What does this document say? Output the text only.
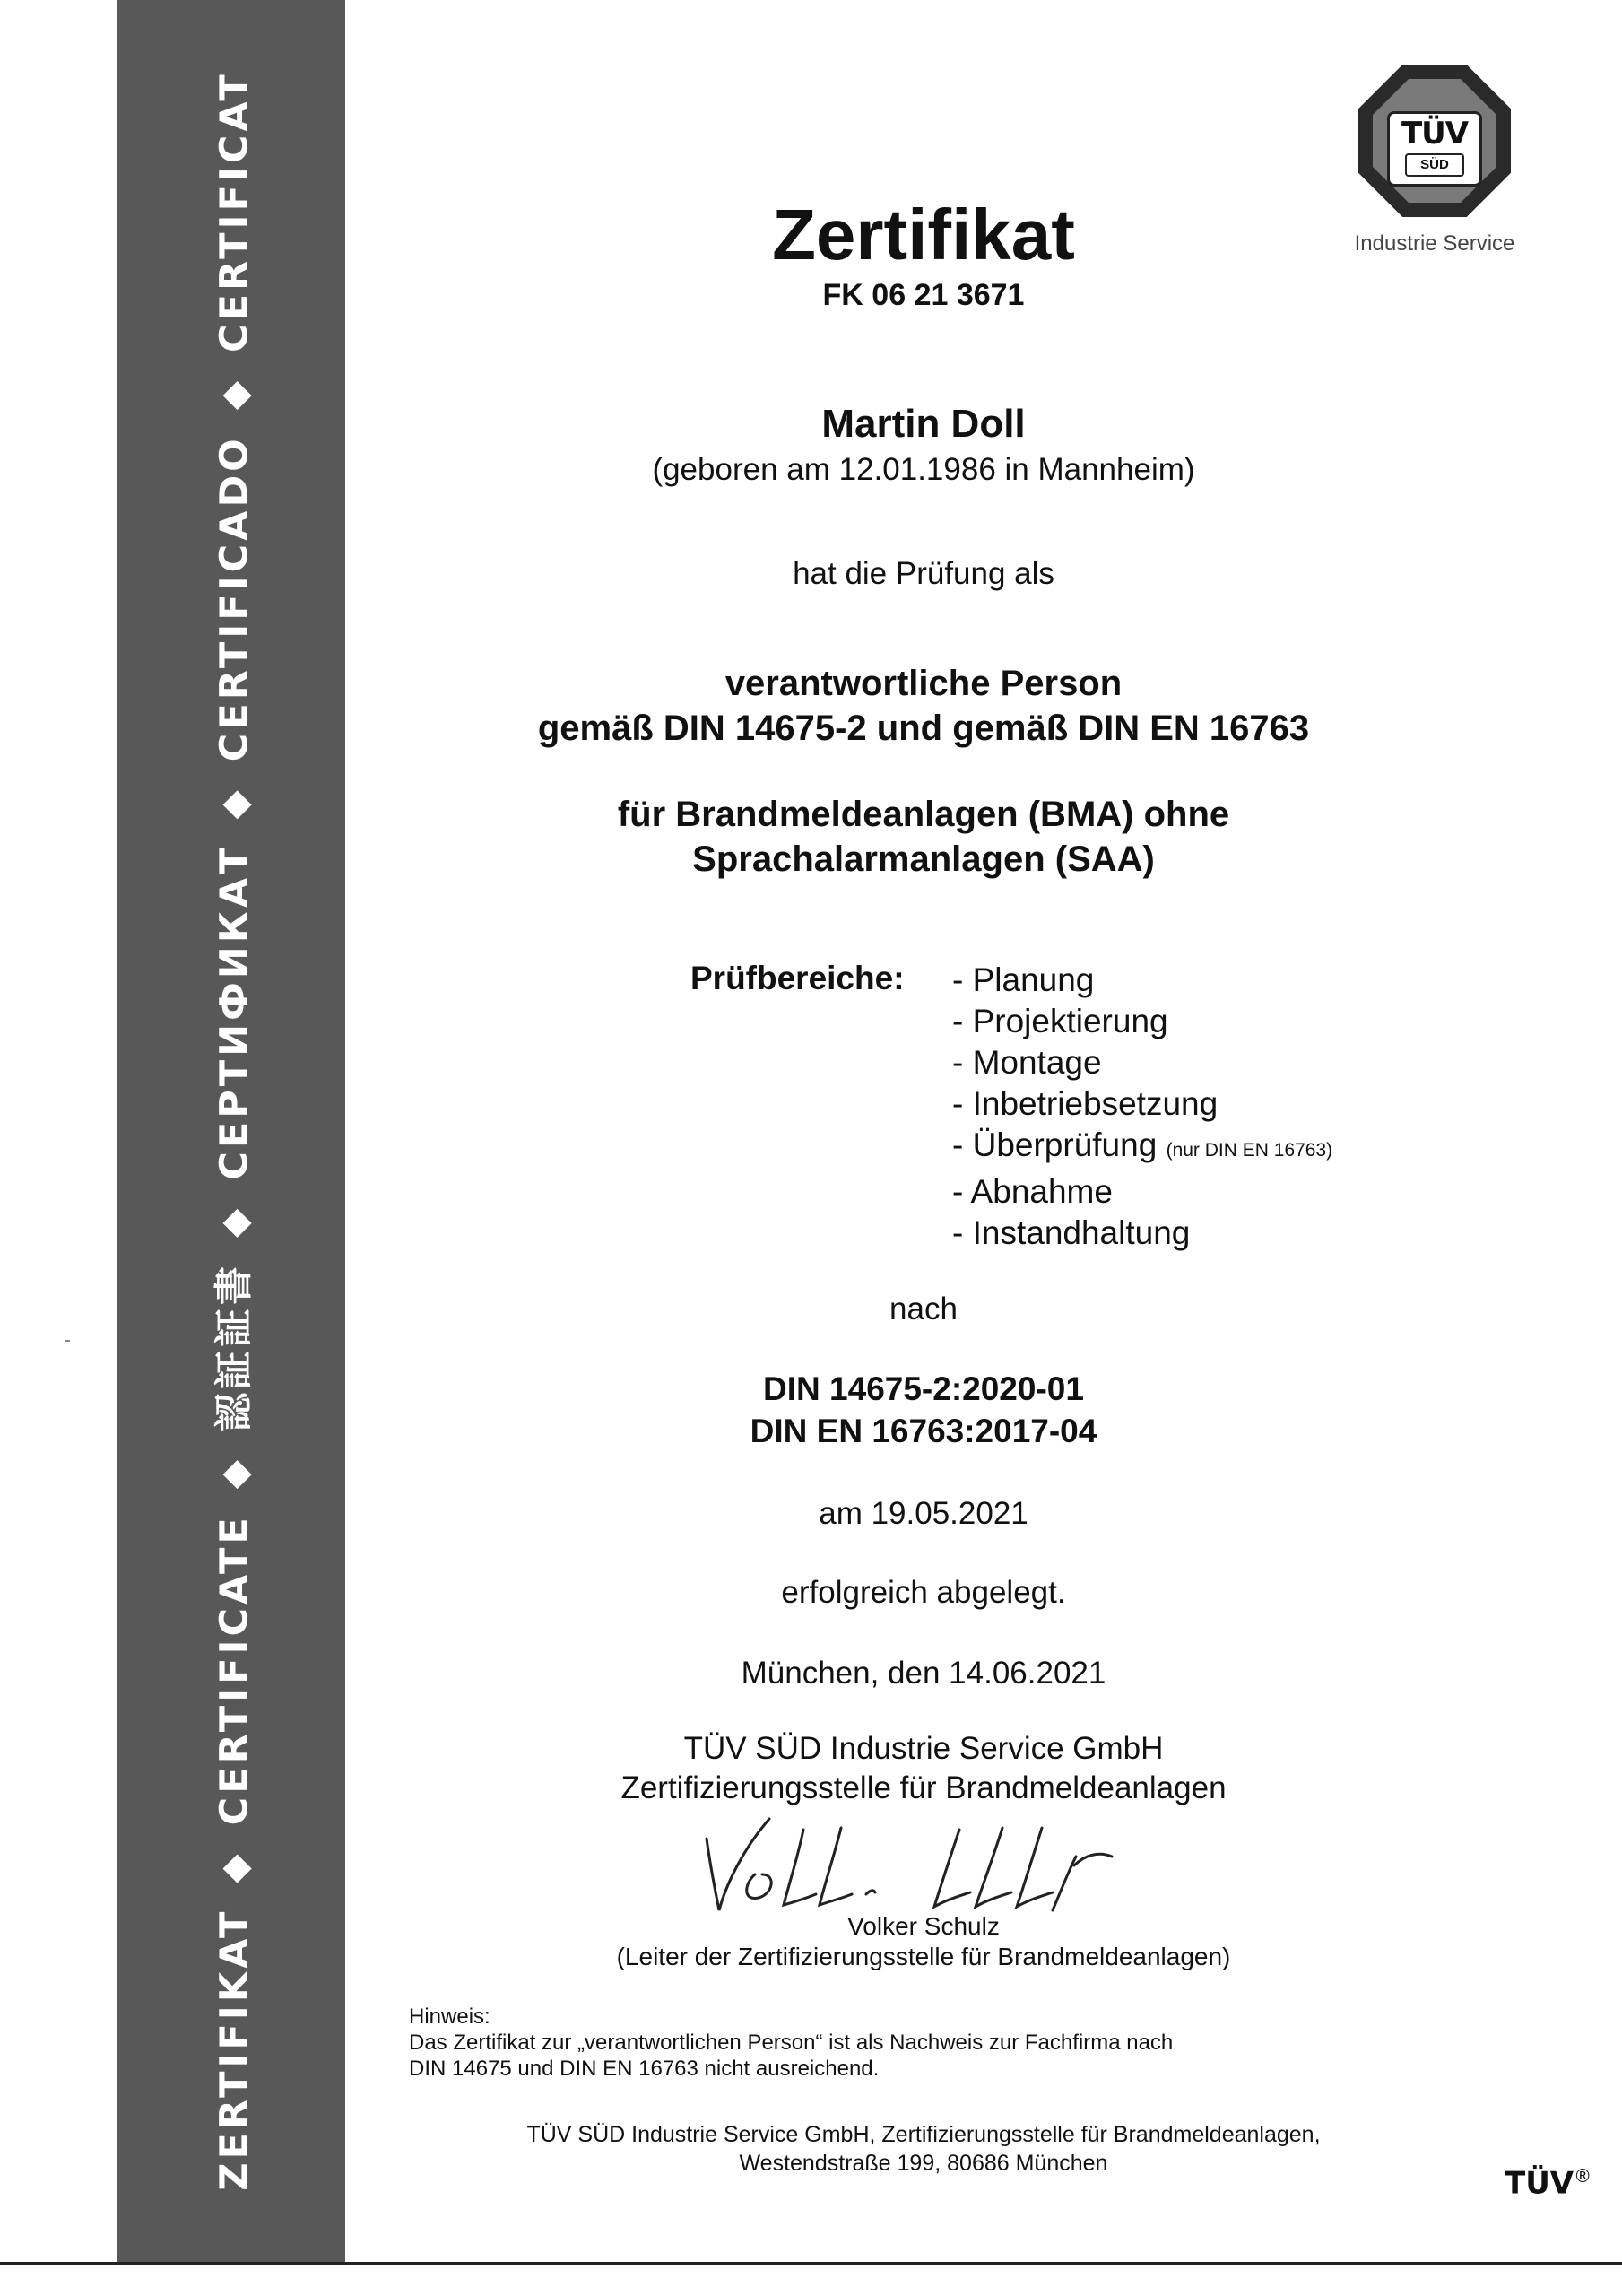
ZERTIFIKAT◆CERTIFICATE◆認証証書◆СЕРТИФИКАТ◆CERTIFICADO◆CERTIFICAT	TÜV
SÜD
Industrie Service
Zertifikat
FK 06 21 3671
Martin Doll
(geboren am 12.01.1986 in Mannheim)
hat die Prüfung als
verantwortliche Person
gemäß DIN 14675-2 und gemäß DIN EN 16763
für Brandmeldeanlagen (BMA) ohne
Sprachalarmanlagen (SAA)
Prüfbereiche: - Planung
- Projektierung
- Montage
- Inbetriebsetzung
- Überprüfung (nur DIN EN 16763)
- Abnahme
- Instandhaltung
nach
DIN 14675-2:2020-01
DIN EN 16763:2017-04
am 19.05.2021
erfolgreich abgelegt.
München, den 14.06.2021
TÜV SÜD Industrie Service GmbH
Zertifizierungsstelle für Brandmeldeanlagen
Volker Schulz
(Leiter der Zertifizierungsstelle für Brandmeldeanlagen)
Hinweis:
Das Zertifikat zur „verantwortlichen Person“ ist als Nachweis zur Fachfirma nach
DIN 14675 und DIN EN 16763 nicht ausreichend.
TÜV SÜD Industrie Service GmbH, Zertifizierungsstelle für Brandmeldeanlagen,
Westendstraße 199, 80686 München
TÜV®
